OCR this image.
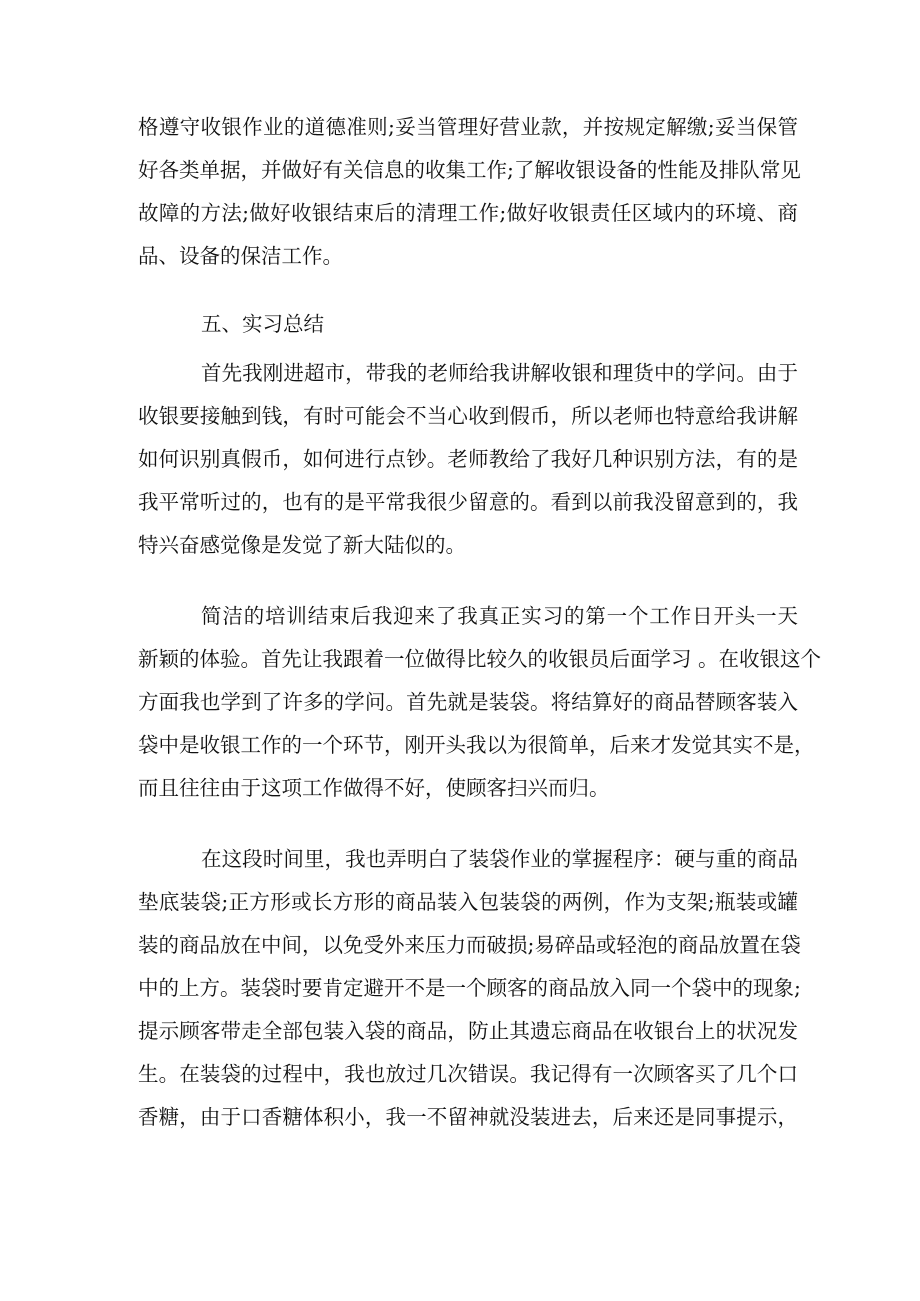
格遵守收银作业的道德准则;妥当管理好营业款，并按规定解缴;妥当保管
好各类单据，并做好有关信息的收集工作;了解收银设备的性能及排队常见
故障的方法;做好收银结束后的清理工作;做好收银责任区域内的环境、商
品、设备的保洁工作。
五、实习总结
首先我刚进超市，带我的老师给我讲解收银和理货中的学问。由于
收银要接触到钱，有时可能会不当心收到假币，所以老师也特意给我讲解
如何识别真假币，如何进行点钞。老师教给了我好几种识别方法，有的是
我平常听过的，也有的是平常我很少留意的。看到以前我没留意到的，我
特兴奋感觉像是发觉了新大陆似的。
简洁的培训结束后我迎来了我真正实习的第一个工作日开头一天
新颖的体验。首先让我跟着一位做得比较久的收银员后面学习 。在收银这个
方面我也学到了许多的学问。首先就是装袋。将结算好的商品替顾客装入
袋中是收银工作的一个环节，刚开头我以为很简单，后来才发觉其实不是，
而且往往由于这项工作做得不好，使顾客扫兴而归。
在这段时间里，我也弄明白了装袋作业的掌握程序：硬与重的商品
垫底装袋;正方形或长方形的商品装入包装袋的两例，作为支架;瓶装或罐
装的商品放在中间，以免受外来压力而破损;易碎品或轻泡的商品放置在袋
中的上方。装袋时要肯定避开不是一个顾客的商品放入同一个袋中的现象;
提示顾客带走全部包装入袋的商品，防止其遗忘商品在收银台上的状况发
生。在装袋的过程中，我也放过几次错误。我记得有一次顾客买了几个口
香糖，由于口香糖体积小，我一不留神就没装进去，后来还是同事提示，
